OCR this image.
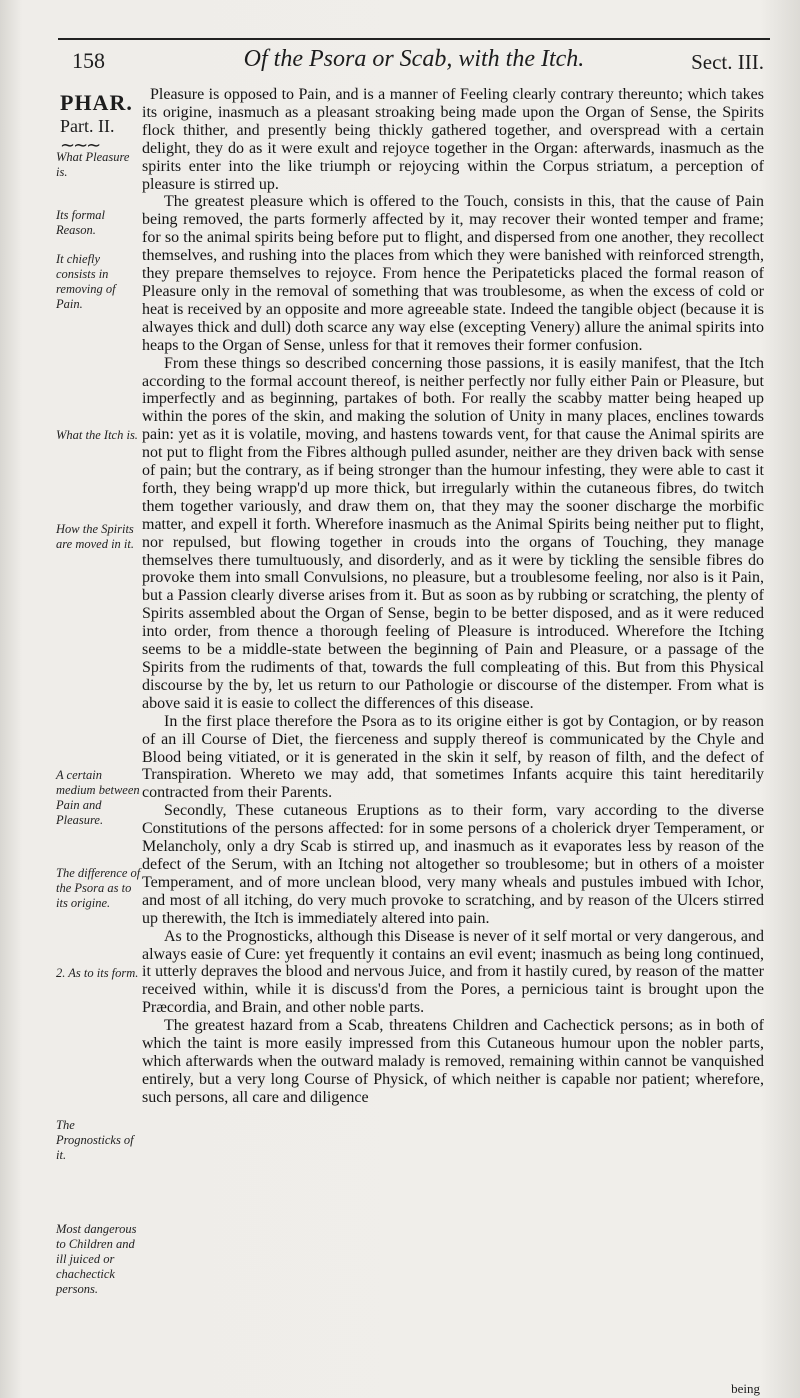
158	Of the Psora or Scab, with the Itch.	Sect. III.
PHAR.
Part. II.
∼∼∼
What Pleasure is.
Its formal Reason.
It chiefly consists in removing of Pain.
What the Itch is.
How the Spirits are moved in it.
A certain medium between Pain and Pleasure.
The difference of the Psora as to its origine.
2. As to its form.
The Prognosticks of it.
Most dangerous to Children and ill juiced or chachectick persons.

Pleasure is opposed to Pain, and is a manner of Feeling clearly contrary thereunto; which takes its origine, inasmuch as a pleasant stroaking being made upon the Organ of Sense, the Spirits flock thither, and presently being thickly gathered together, and overspread with a certain delight, they do as it were exult and rejoyce together in the Organ: afterwards, inasmuch as the spirits enter into the like triumph or rejoycing within the Corpus striatum, a perception of pleasure is stirred up.

The greatest pleasure which is offered to the Touch, consists in this, that the cause of Pain being removed, the parts formerly affected by it, may recover their wonted temper and frame; for so the animal spirits being before put to flight, and dispersed from one another, they recollect themselves, and rushing into the places from which they were banished with reinforced strength, they prepare themselves to rejoyce. From hence the Peripateticks placed the formal reason of Pleasure only in the removal of something that was troublesome, as when the excess of cold or heat is received by an opposite and more agreeable state. Indeed the tangible object (because it is alwayes thick and dull) doth scarce any way else (excepting Venery) allure the animal spirits into heaps to the Organ of Sense, unless for that it removes their former confusion.

From these things so described concerning those passions, it is easily manifest, that the Itch according to the formal account thereof, is neither perfectly nor fully either Pain or Pleasure, but imperfectly and as beginning, partakes of both. For really the scabby matter being heaped up within the pores of the skin, and making the solution of Unity in many places, enclines towards pain: yet as it is volatile, moving, and hastens towards vent, for that cause the Animal spirits are not put to flight from the Fibres although pulled asunder, neither are they driven back with sense of pain; but the contrary, as if being stronger than the humour infesting, they were able to cast it forth, they being wrapp'd up more thick, but irregularly within the cutaneous fibres, do twitch them together variously, and draw them on, that they may the sooner discharge the morbific matter, and expell it forth. Wherefore inasmuch as the Animal Spirits being neither put to flight, nor repulsed, but flowing together in crouds into the organs of Touching, they manage themselves there tumultuously, and disorderly, and as it were by tickling the sensible fibres do provoke them into small Convulsions, no pleasure, but a troublesome feeling, nor also is it Pain, but a Passion clearly diverse arises from it. But as soon as by rubbing or scratching, the plenty of Spirits assembled about the Organ of Sense, begin to be better disposed, and as it were reduced into order, from thence a thorough feeling of Pleasure is introduced. Wherefore the Itching seems to be a middle-state between the beginning of Pain and Pleasure, or a passage of the Spirits from the rudiments of that, towards the full compleating of this. But from this Physical discourse by the by, let us return to our Pathologie or discourse of the distemper. From what is above said it is easie to collect the differences of this disease.

In the first place therefore the Psora as to its origine either is got by Contagion, or by reason of an ill Course of Diet, the fierceness and supply thereof is communicated by the Chyle and Blood being vitiated, or it is generated in the skin it self, by reason of filth, and the defect of Transpiration. Whereto we may add, that sometimes Infants acquire this taint hereditarily contracted from their Parents.

Secondly, These cutaneous Eruptions as to their form, vary according to the diverse Constitutions of the persons affected: for in some persons of a cholerick dryer Temperament, or Melancholy, only a dry Scab is stirred up, and inasmuch as it evaporates less by reason of the defect of the Serum, with an Itching not altogether so troublesome; but in others of a moister Temperament, and of more unclean blood, very many wheals and pustules imbued with Ichor, and most of all itching, do very much provoke to scratching, and by reason of the Ulcers stirred up therewith, the Itch is immediately altered into pain.

As to the Prognosticks, although this Disease is never of it self mortal or very dangerous, and always easie of Cure: yet frequently it contains an evil event; inasmuch as being long continued, it utterly depraves the blood and nervous Juice, and from it hastily cured, by reason of the matter received within, while it is discuss'd from the Pores, a pernicious taint is brought upon the Præcordia, and Brain, and other noble parts.

The greatest hazard from a Scab, threatens Children and Cachectick persons; as in both of which the taint is more easily impressed from this Cutaneous humour upon the nobler parts, which afterwards when the outward malady is removed, remaining within cannot be vanquished entirely, but a very long Course of Physick, of which neither is capable nor patient; wherefore, such persons, all care and diligence

being
